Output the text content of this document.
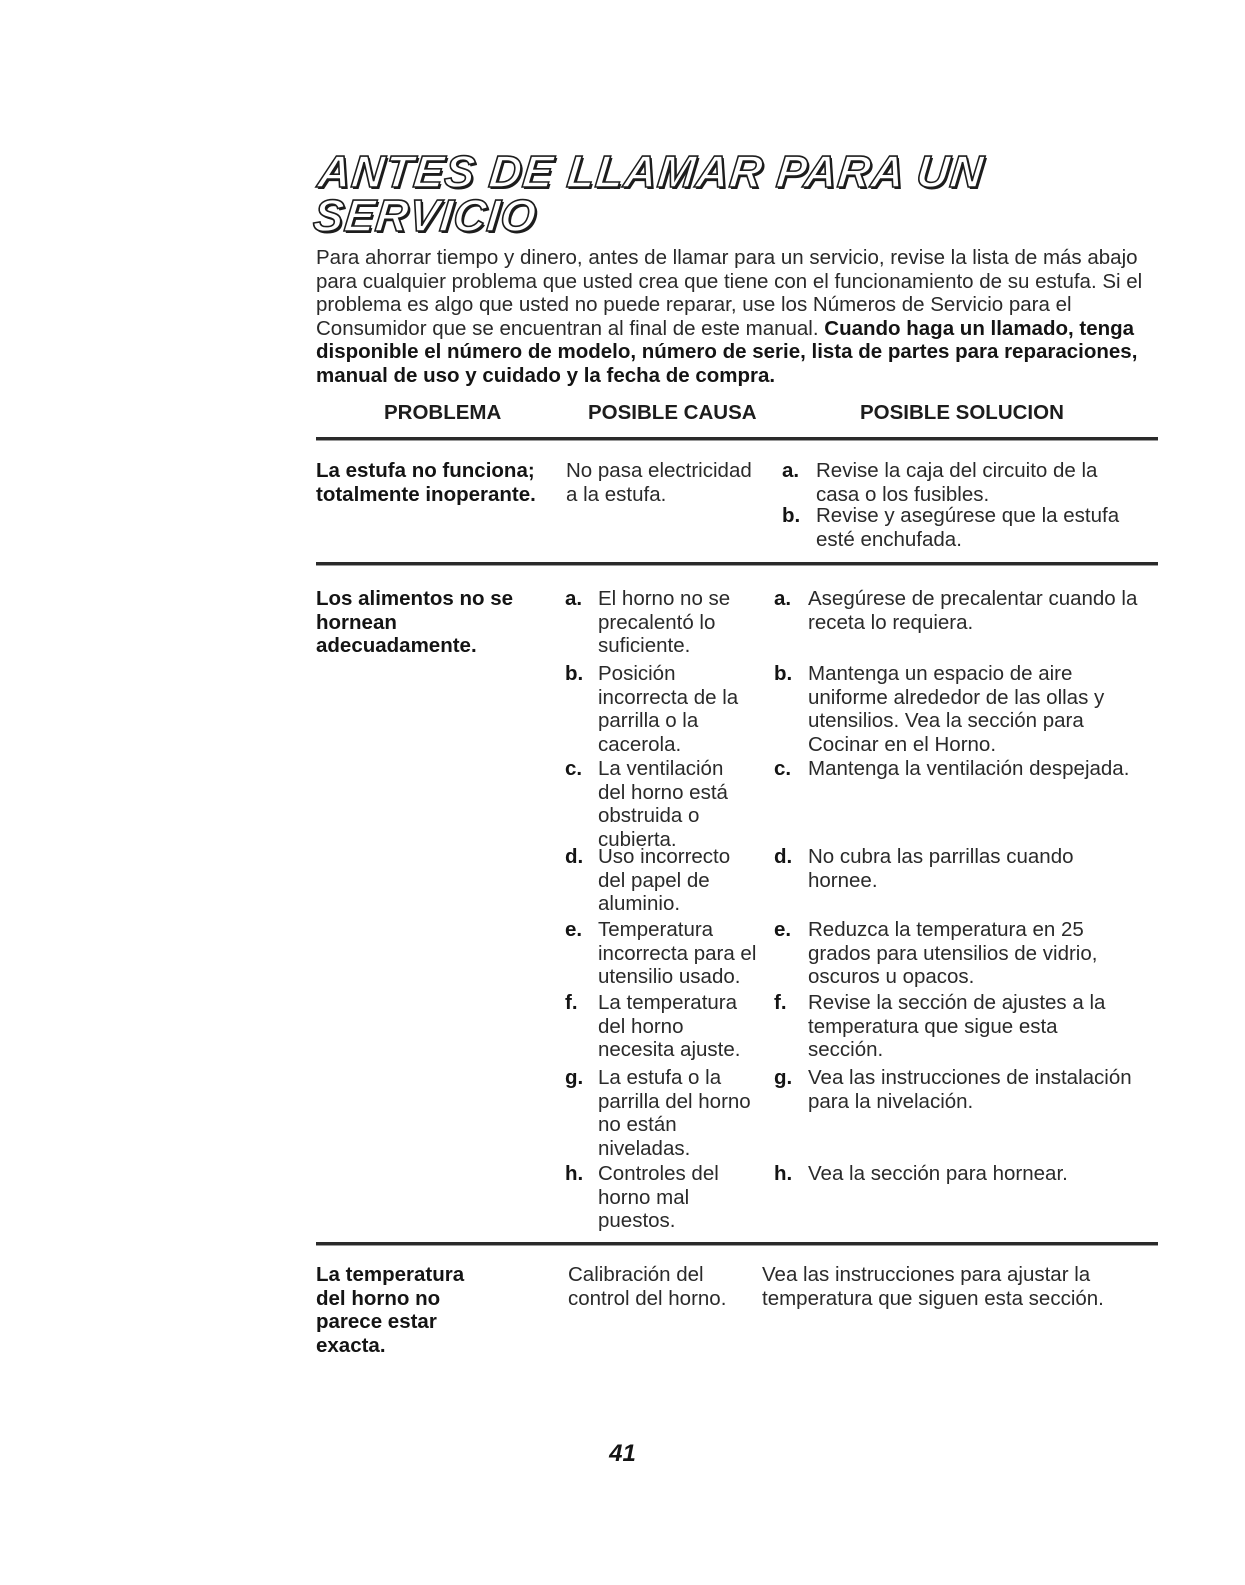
ANTES DE LLAMAR PARA UN
SERVICIO

Para ahorrar tiempo y dinero, antes de llamar para un servicio, revise la lista de más abajo para cualquier problema que usted crea que tiene con el funcionamiento de su estufa. Si el problema es algo que usted no puede reparar, use los Números de Servicio para el Consumidor que se encuentran al final de este manual. Cuando haga un llamado, tenga disponible el número de modelo, número de serie, lista de partes para reparaciones, manual de uso y cuidado y la fecha de compra.

PROBLEMA	POSIBLE CAUSA	POSIBLE SOLUCION
La estufa no funciona; totalmente inoperante.
No pasa electricidad a la estufa.
a. Revise la caja del circuito de la casa o los fusibles.
b. Revise y asegúrese que la estufa esté enchufada.
Los alimentos no se hornean adecuadamente.
a. El horno no se precalentó lo suficiente.
b. Posición incorrecta de la parrilla o la cacerola.
c. La ventilación del horno está obstruida o cubierta.
d. Uso incorrecto del papel de aluminio.
e. Temperatura incorrecta para el utensilio usado.
f. La temperatura del horno necesita ajuste.
g. La estufa o la parrilla del horno no están niveladas.
h. Controles del horno mal puestos.
a. Asegúrese de precalentar cuando la receta lo requiera.
b. Mantenga un espacio de aire uniforme alrededor de las ollas y utensilios. Vea la sección para Cocinar en el Horno.
c. Mantenga la ventilación despejada.
d. No cubra las parrillas cuando hornee.
e. Reduzca la temperatura en 25 grados para utensilios de vidrio, oscuros u opacos.
f. Revise la sección de ajustes a la temperatura que sigue esta sección.
g. Vea las instrucciones de instalación para la nivelación.
h. Vea la sección para hornear.
La temperatura del horno no parece estar exacta.
Calibración del control del horno.
Vea las instrucciones para ajustar la temperatura que siguen esta sección.
41
